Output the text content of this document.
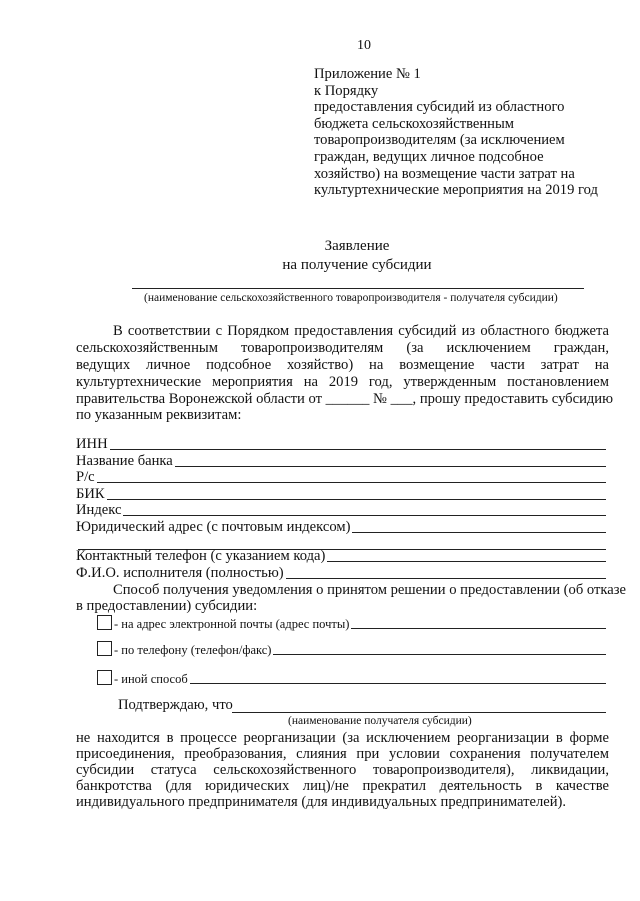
10
Приложение № 1
к Порядку
предоставления субсидий из областного
бюджета сельскохозяйственным
товаропроизводителям (за исключением
граждан, ведущих личное подсобное
хозяйство) на возмещение части затрат на
культуртехнические мероприятия на 2019 год
Заявление
на получение субсидии
(наименование сельскохозяйственного товаропроизводителя - получателя субсидии)
В соответствии с Порядком предоставления субсидий из областного бюджета
сельскохозяйственным товаропроизводителям (за исключением граждан,
ведущих личное подсобное хозяйство) на возмещение части затрат на
культуртехнические мероприятия на 2019 год, утвержденным постановлением
правительства Воронежской области от ______ № ___, прошу предоставить субсидию
по указанным реквизитам:
ИНН
Название банка
Р/с
БИК
Индекс
Юридический адрес (с почтовым индексом)
Контактный телефон (с указанием кода)
Ф.И.О. исполнителя (полностью)
Способ получения уведомления о принятом решении о предоставлении (об отказе
в предоставлении) субсидии:
- на адрес электронной почты (адрес почты)
- по телефону (телефон/факс)
- иной способ
Подтверждаю, что
(наименование получателя субсидии)
не находится в процессе реорганизации (за исключением реорганизации в форме
присоединения, преобразования, слияния при условии сохранения получателем
субсидии статуса сельскохозяйственного товаропроизводителя), ликвидации,
банкротства (для юридических лиц)/не прекратил деятельность в качестве
индивидуального предпринимателя (для индивидуальных предпринимателей).
